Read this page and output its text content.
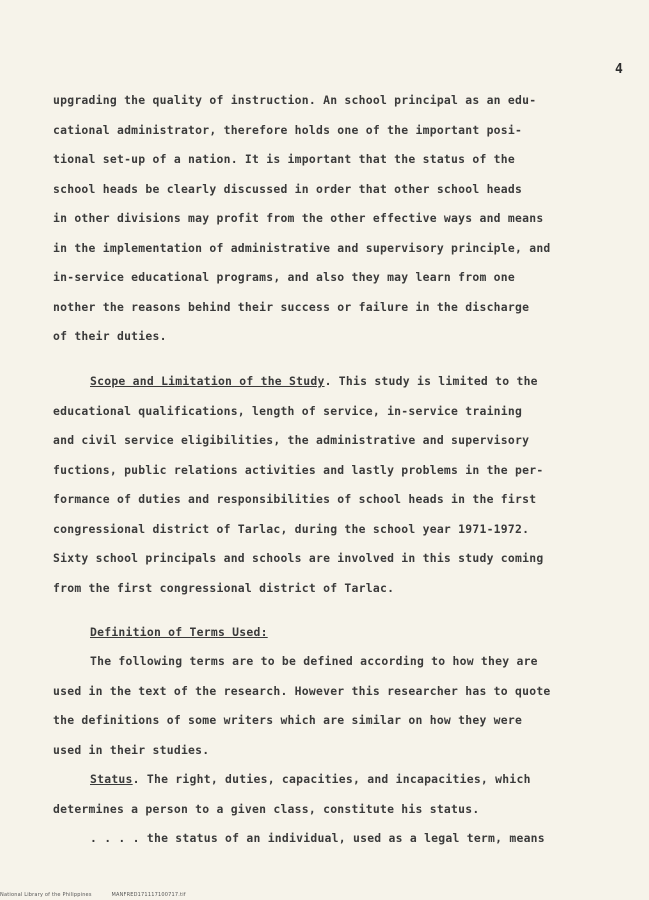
4
upgrading the quality of instruction. An school principal as an edu-
cational administrator, therefore holds one of the important posi-
tional set-up of a nation. It is important that the status of the
school heads be clearly discussed in order that other school heads
in other divisions may profit from the other effective ways and means
in the implementation of administrative and supervisory principle, and
in-service educational programs, and also they may learn from one
nother the reasons behind their success or failure in the discharge
of their duties.
Scope and Limitation of the Study. This study is limited to the
educational qualifications, length of service, in-service training
and civil service eligibilities, the administrative and supervisory
fuctions, public relations activities and lastly problems in the per-
formance of duties and responsibilities of school heads in the first
congressional district of Tarlac, during the school year 1971-1972.
Sixty school principals and schools are involved in this study coming
from the first congressional district of Tarlac.
Definition of Terms Used:
The following terms are to be defined according to how they are
used in the text of the research. However this researcher has to quote
the definitions of some writers which are similar on how they were
used in their studies.
Status. The right, duties, capacities, and incapacities, which
determines a person to a given class, constitute his status.
. . . . the status of an individual, used as a legal term, means
National Library of the Philippines	MANFRED171117100717.tif
